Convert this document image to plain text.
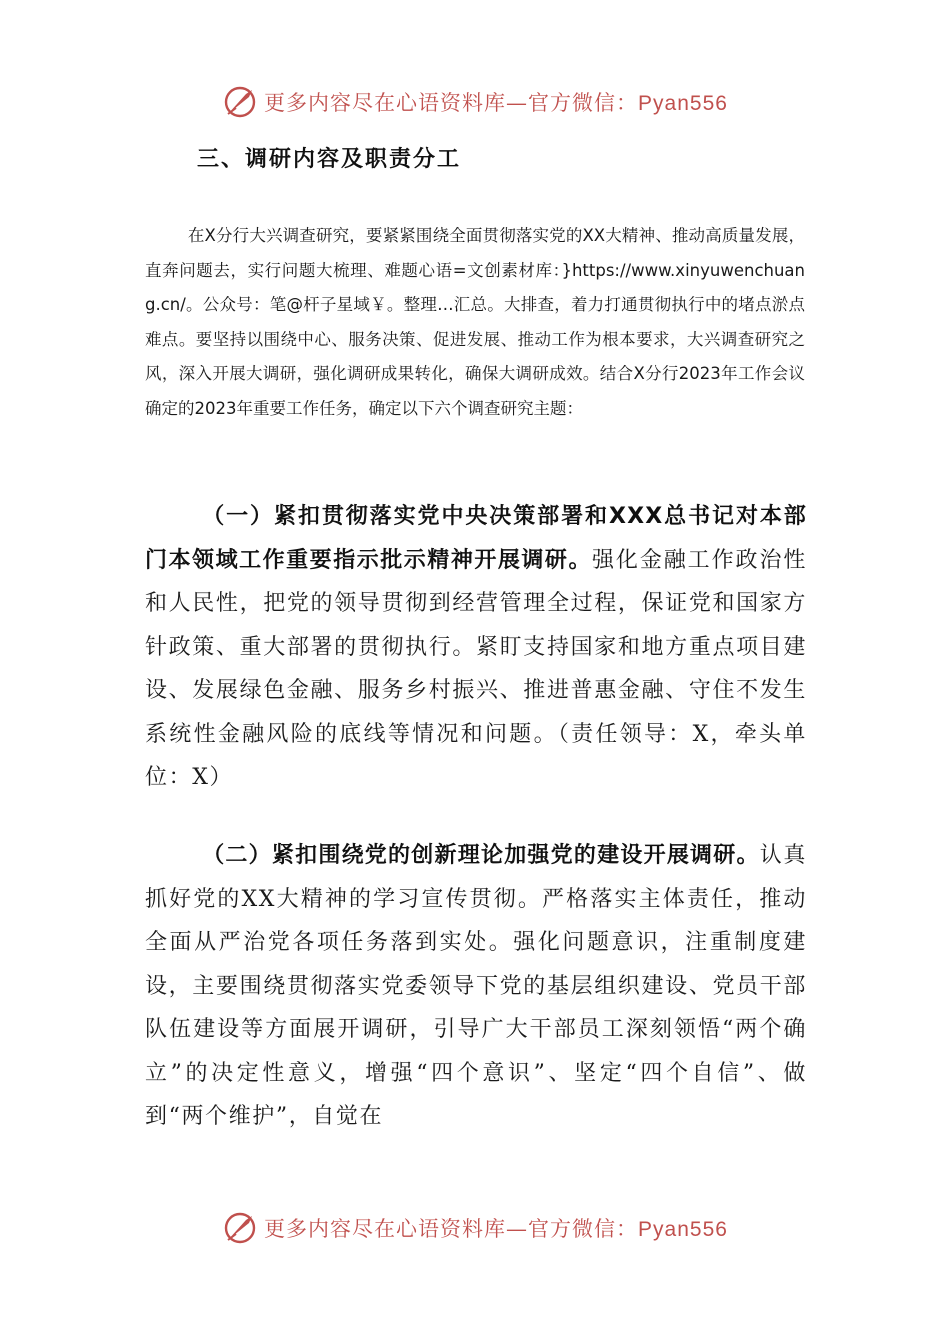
更多内容尽在心语资料库—官方微信：Pyan556
三、调研内容及职责分工

在X分行大兴调查研究，要紧紧围绕全面贯彻落实党的XX大精神、推动高质量发展，直奔问题去，实行问题大梳理、难题心语=文创素材库：}https://www.xinyuwenchuang.cn/。公众号：笔@杆子星域￥。整理…汇总。大排查，着力打通贯彻执行中的堵点淤点难点。要坚持以围绕中心、服务决策、促进发展、推动工作为根本要求，大兴调查研究之风，深入开展大调研，强化调研成果转化，确保大调研成效。结合X分行2023年工作会议确定的2023年重要工作任务，确定以下六个调查研究主题：

（一）紧扣贯彻落实党中央决策部署和XXX总书记对本部门本领域工作重要指示批示精神开展调研。强化金融工作政治性和人民性，把党的领导贯彻到经营管理全过程，保证党和国家方针政策、重大部署的贯彻执行。紧盯支持国家和地方重点项目建设、发展绿色金融、服务乡村振兴、推进普惠金融、守住不发生系统性金融风险的底线等情况和问题。（责任领导：X，牵头单位：X）

（二）紧扣围绕党的创新理论加强党的建设开展调研。认真抓好党的XX大精神的学习宣传贯彻。严格落实主体责任，推动全面从严治党各项任务落到实处。强化问题意识，注重制度建设，主要围绕贯彻落实党委领导下党的基层组织建设、党员干部队伍建设等方面展开调研，引导广大干部员工深刻领悟“两个确立”的决定性意义，增强“四个意识”、坚定“四个自信”、做到“两个维护”，自觉在

更多内容尽在心语资料库—官方微信：Pyan556
